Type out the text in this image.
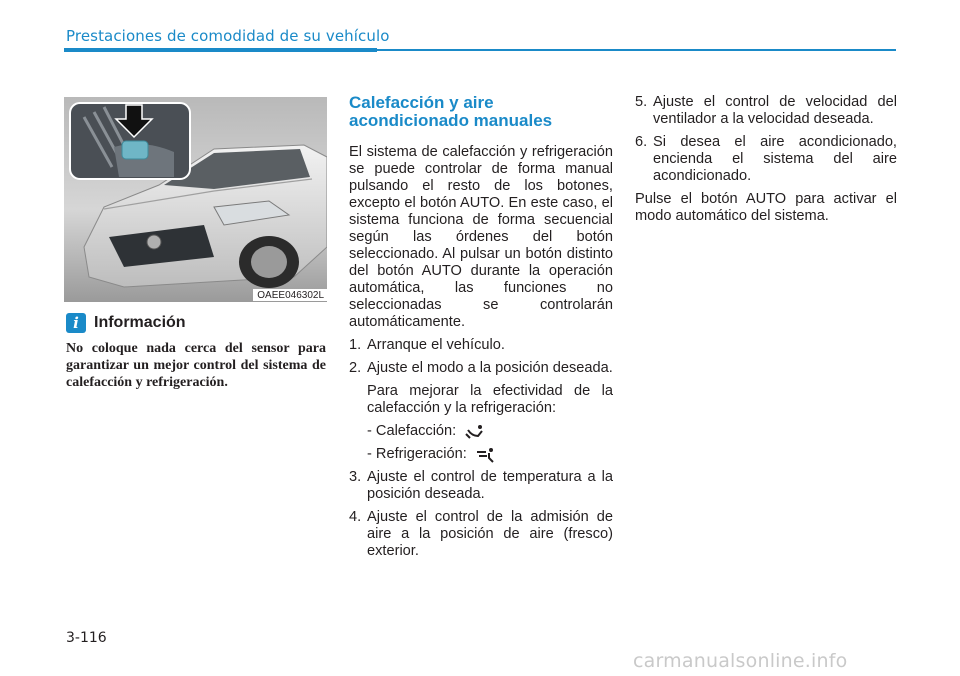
Prestaciones de comodidad de su vehículo
OAEE046302L
i Información
No coloque nada cerca del sensor para garantizar un mejor control del sistema de calefacción y refrigeración.
Calefacción y aire
acondicionado manuales
El sistema de calefacción y refrigeración se puede controlar de forma manual pulsando el resto de los botones, excepto el botón AUTO. En este caso, el sistema funciona de forma secuencial según las órdenes del botón seleccionado. Al pulsar un botón distinto del botón AUTO durante la operación automática, las funciones no seleccionadas se controlarán automáticamente.
1. Arranque el vehículo.
2. Ajuste el modo a la posición deseada.
Para mejorar la efectividad de la calefacción y la refrigeración:
- Calefacción:
- Refrigeración:
3. Ajuste el control de temperatura a la posición deseada.
4. Ajuste el control de la admisión de aire a la posición de aire (fresco) exterior.
5. Ajuste el control de velocidad del ventilador a la velocidad deseada.
6. Si desea el aire acondicionado, encienda el sistema del aire acondicionado.
Pulse el botón AUTO para activar el modo automático del sistema.
3-116
carmanualsonline.info
